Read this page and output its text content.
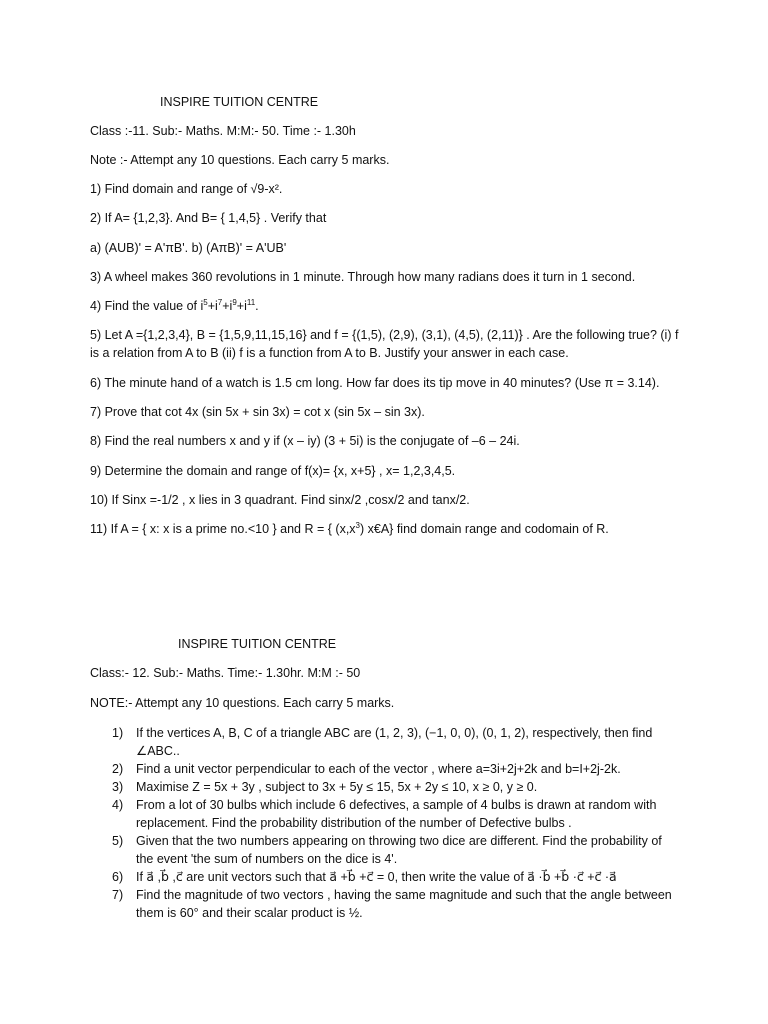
INSPIRE TUITION CENTRE
Class :-11. Sub:- Maths. M:M:- 50. Time :- 1.30h
Note :- Attempt any 10 questions. Each carry 5 marks.
1) Find domain and range of √9-x².
2) If A= {1,2,3}. And B= { 1,4,5} . Verify that
a) (AUB)' = A'πB'. b) (AπB)' = A'UB'
3) A wheel makes 360 revolutions in 1 minute. Through how many radians does it turn in 1 second.
4) Find the value of $i^5+i^7+i^9+i^{11}$.
5) Let A ={1,2,3,4}, B = {1,5,9,11,15,16} and f = {(1,5), (2,9), (3,1), (4,5), (2,11)} . Are the following true? (i) f is a relation from A to B (ii) f is a function from A to B. Justify your answer in each case.
6) The minute hand of a watch is 1.5 cm long. How far does its tip move in 40 minutes? (Use π = 3.14).
7) Prove that cot 4x (sin 5x + sin 3x) = cot x (sin 5x – sin 3x).
8) Find the real numbers x and y if (x – iy) (3 + 5i) is the conjugate of –6 – 24i.
9) Determine the domain and range of f(x)= {x, x+5} , x= 1,2,3,4,5.
10) If Sinx =-1/2 , x lies in 3 quadrant. Find sinx/2 ,cosx/2 and tanx/2.
11) If A = { x: x is a prime no.<10 } and R = { $(x,x^3)$ x€A} find domain range and codomain of R.
INSPIRE TUITION CENTRE
Class:- 12. Sub:- Maths. Time:- 1.30hr. M:M :- 50
NOTE:- Attempt any 10 questions. Each carry 5 marks.
1)	If the vertices A, B, C of a triangle ABC are (1, 2, 3), (−1, 0, 0), (0, 1, 2), respectively, then find ∠ABC..
2)	Find a unit vector perpendicular to each of the vector , where a=3i+2j+2k and b=I+2j-2k.
3)	Maximise Z = 5x + 3y , subject to 3x + 5y ≤ 15, 5x + 2y ≤ 10, x ≥ 0, y ≥ 0.
4)	From a lot of 30 bulbs which include 6 defectives, a sample of 4 bulbs is drawn at random with replacement. Find the probability distribution of the number of Defective bulbs .
5)	Given that the two numbers appearing on throwing two dice are different. Find the probability of the event 'the sum of numbers on the dice is 4'.
6)	If a⃗ ,b⃗ ,c⃗ are unit vectors such that a⃗ +b⃗ +c⃗ = 0, then write the value of a⃗ ·b⃗ +b⃗ ·c⃗ +c⃗ ·a⃗
7)	Find the magnitude of two vectors , having the same magnitude and such that the angle between them is 60° and their scalar product is ½.
